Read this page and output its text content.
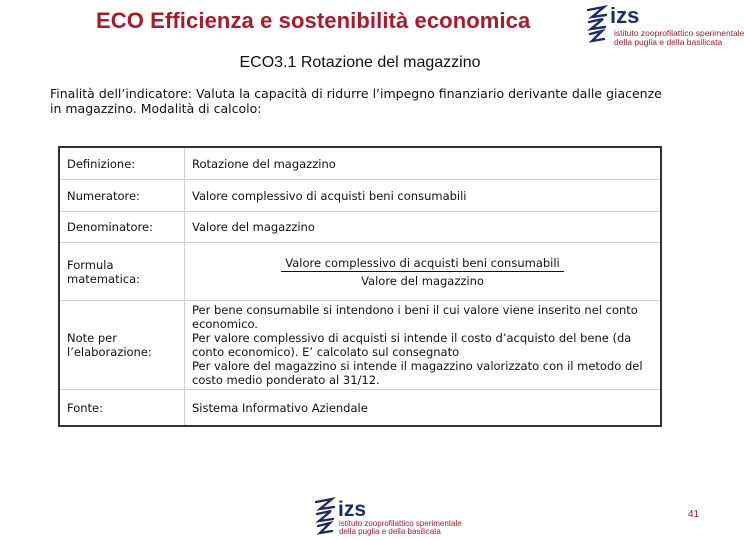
ECO Efficienza e sostenibilità economica	izs
istituto zooprofilattico sperimentale
della puglia e della basilicata
ECO3.1 Rotazione del magazzino
Finalità dell’indicatore: Valuta la capacità di ridurre l’impegno finanziario derivante dalle giacenze in magazzino. Modalità di calcolo:
Definizione:	Rotazione del magazzino
Numeratore:	Valore complessivo di acquisti beni consumabili
Denominatore:	Valore del magazzino
Formula matematica:	$\frac{\text{Valore complessivo di acquisti beni consumabili}}{\text{Valore del magazzino}}$

Note per l’elaborazione:	Per bene consumabile si intendono i beni il cui valore viene inserito nel conto economico.
Per valore complessivo di acquisti si intende il costo d’acquisto del bene (da conto economico). E’ calcolato sul consegnato
Per valore del magazzino si intende il magazzino valorizzato con il metodo del costo medio ponderato al 31/12.

Fonte:	Sistema Informativo Aziendale
izs
istituto zooprofilattico sperimentale
della puglia e della basilicata
41
